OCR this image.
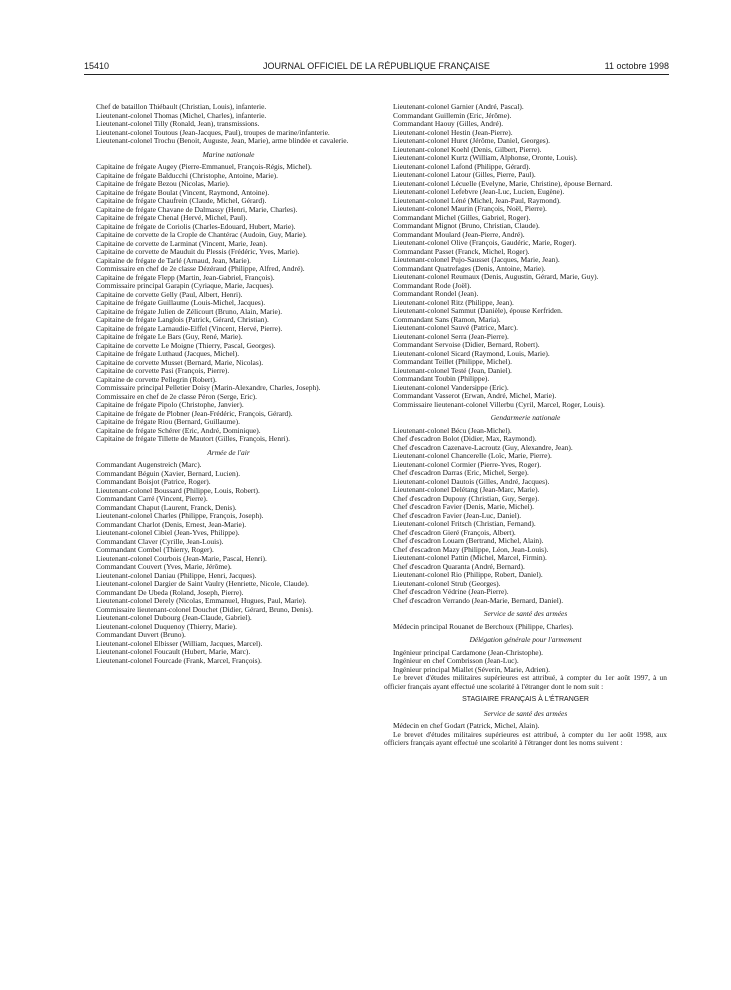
15410	JOURNAL OFFICIEL DE LA RÉPUBLIQUE FRANÇAISE	11 octobre 1998
Chef de bataillon Thiébault (Christian, Louis), infanterie.
Lieutenant-colonel Thomas (Michel, Charles), infanterie.
Lieutenant-colonel Tilly (Ronald, Jean), transmissions.
Lieutenant-colonel Toutous (Jean-Jacques, Paul), troupes de marine/infanterie.
Lieutenant-colonel Trochu (Benoit, Auguste, Jean, Marie), arme blindée et cavalerie.
Marine nationale
Capitaine de frégate Augey (Pierre-Emmanuel, François-Régis, Michel).
Capitaine de frégate Balducchi (Christophe, Antoine, Marie).
Capitaine de frégate Bezou (Nicolas, Marie).
Capitaine de frégate Boulat (Vincent, Raymond, Antoine).
Capitaine de frégate Chaufrein (Claude, Michel, Gérard).
Capitaine de frégate Chavane de Dalmassy (Henri, Marie, Charles).
Capitaine de frégate Chenal (Hervé, Michel, Paul).
Capitaine de frégate de Coriolis (Charles-Edouard, Hubert, Marie).
Capitaine de corvette de la Crople de Chantérac (Audoin, Guy, Marie).
Capitaine de corvette de Larminat (Vincent, Marie, Jean).
Capitaine de corvette de Mauduit du Plessis (Frédéric, Yves, Marie).
Capitaine de frégate de Tarlé (Arnaud, Jean, Marie).
Commissaire en chef de 2e classe Dézéraud (Philippe, Alfred, André).
Capitaine de frégate Flepp (Martin, Jean-Gabriel, François).
Commissaire principal Garapin (Cyriaque, Marie, Jacques).
Capitaine de corvette Gelly (Paul, Albert, Henri).
Capitaine de frégate Guillaume (Louis-Michel, Jacques).
Capitaine de frégate Julien de Zélicourt (Bruno, Alain, Marie).
Capitaine de frégate Langlois (Patrick, Gérard, Christian).
Capitaine de frégate Larnaudie-Eiffel (Vincent, Hervé, Pierre).
Capitaine de frégate Le Bars (Guy, René, Marie).
Capitaine de corvette Le Moigne (Thierry, Pascal, Georges).
Capitaine de frégate Luthaud (Jacques, Michel).
Capitaine de corvette Musset (Bernard, Marie, Nicolas).
Capitaine de corvette Pasi (François, Pierre).
Capitaine de corvette Pellegrin (Robert).
Commissaire principal Pelletier Doisy (Marin-Alexandre, Charles, Joseph).
Commissaire en chef de 2e classe Péron (Serge, Eric).
Capitaine de frégate Pipolo (Christophe, Janvier).
Capitaine de frégate de Plobner (Jean-Frédéric, François, Gérard).
Capitaine de frégate Riou (Bernard, Guillaume).
Capitaine de frégate Schérer (Eric, André, Dominique).
Capitaine de frégate Tillette de Mautort (Gilles, François, Henri).
Armée de l'air
Commandant Augenstreich (Marc).
Commandant Béguin (Xavier, Bernard, Lucien).
Commandant Boisjot (Patrice, Roger).
Lieutenant-colonel Boussard (Philippe, Louis, Robert).
Commandant Carré (Vincent, Pierre).
Commandant Chaput (Laurent, Franck, Denis).
Lieutenant-colonel Charles (Philippe, François, Joseph).
Commandant Charlot (Denis, Ernest, Jean-Marie).
Lieutenant-colonel Cibiel (Jean-Yves, Philippe).
Commandant Claver (Cyrille, Jean-Louis).
Commandant Combel (Thierry, Roger).
Lieutenant-colonel Courbois (Jean-Marie, Pascal, Henri).
Commandant Couvert (Yves, Marie, Jérôme).
Lieutenant-colonel Daniau (Philippe, Henri, Jacques).
Lieutenant-colonel Dargier de Saint Vaulry (Henriette, Nicole, Claude).
Commandant De Ubeda (Roland, Joseph, Pierre).
Lieutenant-colonel Derely (Nicolas, Emmanuel, Hugues, Paul, Marie).
Commissaire lieutenant-colonel Douchet (Didier, Gérard, Bruno, Denis).
Lieutenant-colonel Dubourg (Jean-Claude, Gabriel).
Lieutenant-colonel Duquenoy (Thierry, Marie).
Commandant Duvert (Bruno).
Lieutenant-colonel Elbisser (William, Jacques, Marcel).
Lieutenant-colonel Foucault (Hubert, Marie, Marc).
Lieutenant-colonel Fourcade (Frank, Marcel, François).
Lieutenant-colonel Garnier (André, Pascal).
Commandant Guillemin (Eric, Jérôme).
Commandant Haouy (Gilles, André).
Lieutenant-colonel Hestin (Jean-Pierre).
Lieutenant-colonel Huret (Jérôme, Daniel, Georges).
Lieutenant-colonel Koehl (Denis, Gilbert, Pierre).
Lieutenant-colonel Kurtz (William, Alphonse, Oronte, Louis).
Lieutenant-colonel Lafond (Philippe, Gérard).
Lieutenant-colonel Latour (Gilles, Pierre, Paul).
Lieutenant-colonel Lécuelle (Evelyne, Marie, Christine), épouse Bernard.
Lieutenant-colonel Lefebvre (Jean-Luc, Lucien, Eugène).
Lieutenant-colonel Léné (Michel, Jean-Paul, Raymond).
Lieutenant-colonel Maurin (François, Noël, Pierre).
Commandant Michel (Gilles, Gabriel, Roger).
Commandant Mignot (Bruno, Christian, Claude).
Commandant Moulard (Jean-Pierre, André).
Lieutenant-colonel Olive (François, Gaudéric, Marie, Roger).
Commandant Passet (Franck, Michel, Roger).
Lieutenant-colonel Pujo-Sausset (Jacques, Marie, Jean).
Commandant Quatrefages (Denis, Antoine, Marie).
Lieutenant-colonel Reumaux (Denis, Augustin, Gérard, Marie, Guy).
Commandant Rode (Joël).
Commandant Rondel (Jean).
Lieutenant-colonel Ritz (Philippe, Jean).
Lieutenant-colonel Sammut (Danièle), épouse Kerfriden.
Commandant Sans (Ramon, Maria).
Lieutenant-colonel Sauvé (Patrice, Marc).
Lieutenant-colonel Serra (Jean-Pierre).
Commandant Servoise (Didier, Bernard, Robert).
Lieutenant-colonel Sicard (Raymond, Louis, Marie).
Commandant Teillet (Philippe, Michel).
Lieutenant-colonel Testé (Jean, Daniel).
Commandant Toubin (Philippe).
Lieutenant-colonel Vandersippe (Eric).
Commandant Vasserot (Erwan, André, Michel, Marie).
Commissaire lieutenant-colonel Villerbu (Cyril, Marcel, Roger, Louis).
Gendarmerie nationale
Lieutenant-colonel Bécu (Jean-Michel).
Chef d'escadron Bolot (Didier, Max, Raymond).
Chef d'escadron Cazenave-Lacroutz (Guy, Alexandre, Jean).
Lieutenant-colonel Chancerelle (Loïc, Marie, Pierre).
Lieutenant-colonel Cormier (Pierre-Yves, Roger).
Chef d'escadron Darras (Eric, Michel, Serge).
Lieutenant-colonel Dautois (Gilles, André, Jacques).
Lieutenant-colonel Delétang (Jean-Marc, Marie).
Chef d'escadron Dupouy (Christian, Guy, Serge).
Chef d'escadron Favier (Denis, Marie, Michel).
Chef d'escadron Favier (Jean-Luc, Daniel).
Lieutenant-colonel Fritsch (Christian, Fernand).
Chef d'escadron Gieré (François, Albert).
Chef d'escadron Louarn (Bertrand, Michel, Alain).
Chef d'escadron Mazy (Philippe, Léon, Jean-Louis).
Lieutenant-colonel Pattin (Michel, Marcel, Firmin).
Chef d'escadron Quaranta (André, Bernard).
Lieutenant-colonel Rio (Philippe, Robert, Daniel).
Lieutenant-colonel Strub (Georges).
Chef d'escadron Védrine (Jean-Pierre).
Chef d'escadron Verrando (Jean-Marie, Bernard, Daniel).
Service de santé des armées
Médecin principal Rouanet de Berchoux (Philippe, Charles).
Délégation générale pour l'armement
Ingénieur principal Cardamone (Jean-Christophe).
Ingénieur en chef Combrisson (Jean-Luc).
Ingénieur principal Miallet (Séverin, Marie, Adrien).
Le brevet d'études militaires supérieures est attribué, à compter du 1er août 1997, à un officier français ayant effectué une scolarité à l'étranger dont le nom suit :
STAGIAIRE FRANÇAIS À L'ÉTRANGER
Service de santé des armées
Médecin en chef Godart (Patrick, Michel, Alain).
Le brevet d'études militaires supérieures est attribué, à compter du 1er août 1998, aux officiers français ayant effectué une scolarité à l'étranger dont les noms suivent :
